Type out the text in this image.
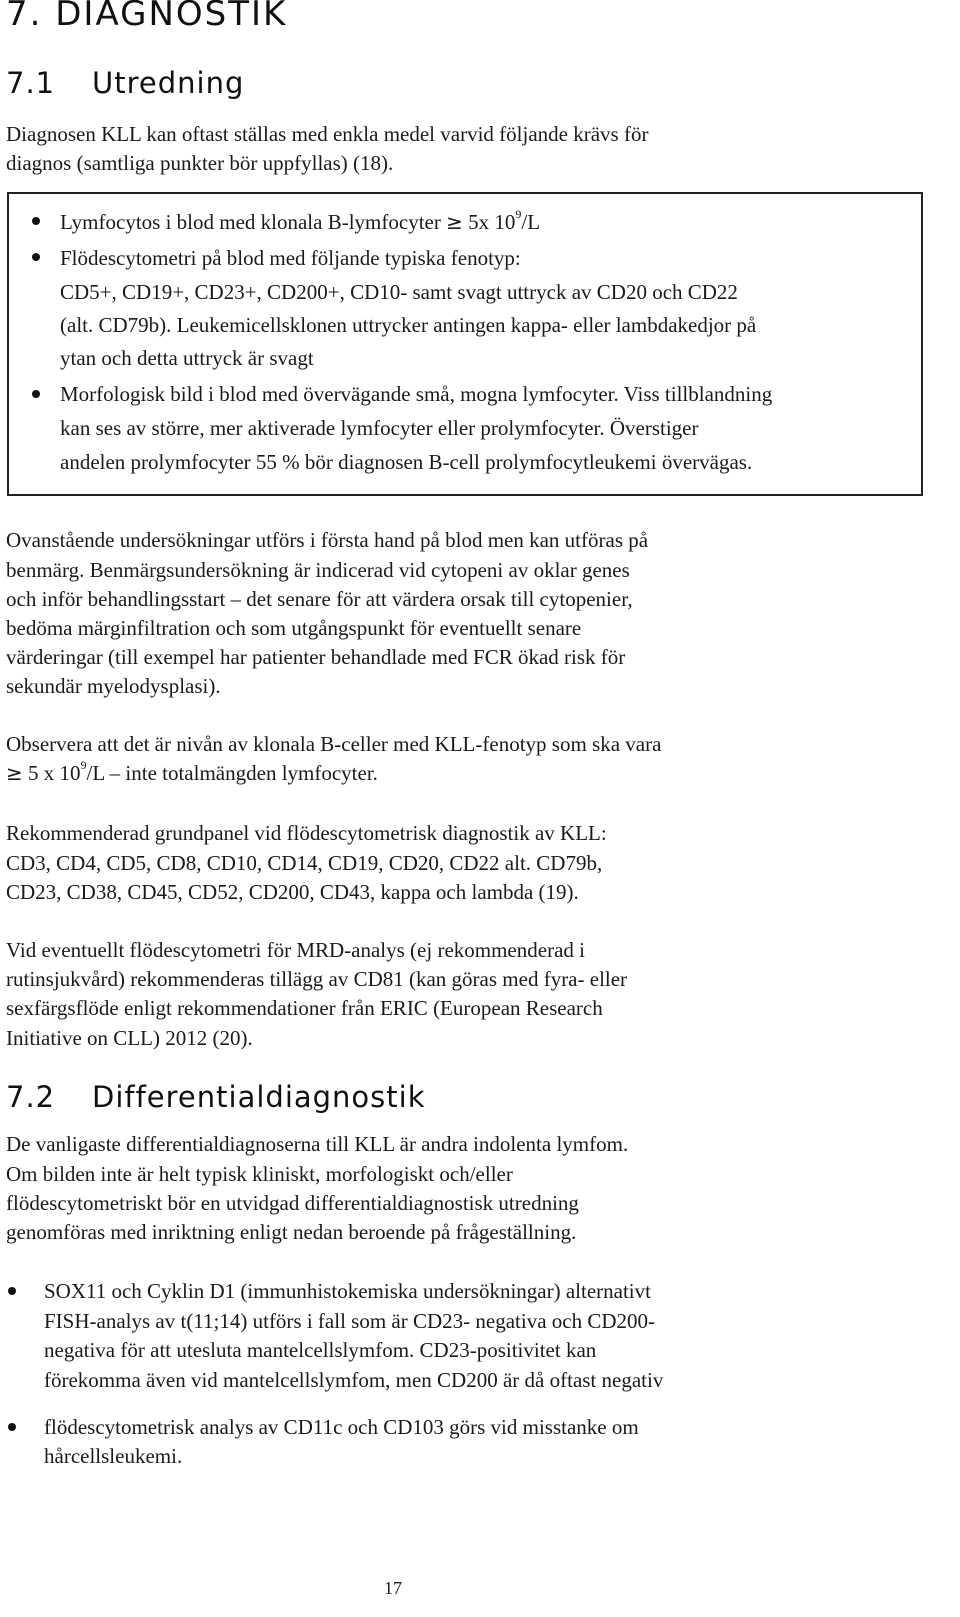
7. DIAGNOSTIK
7.1 Utredning
Diagnosen KLL kan oftast ställas med enkla medel varvid följande krävs för
diagnos (samtliga punkter bör uppfyllas) (18).
Lymfocytos i blod med klonala B-lymfocyter ≥ 5x $10^9/L$
Flödescytometri på blod med följande typiska fenotyp:
CD5+, CD19+, CD23+, CD200+, CD10- samt svagt uttryck av CD20 och CD22
(alt. CD79b). Leukemicellsklonen uttrycker antingen kappa- eller lambdakedjor på
ytan och detta uttryck är svagt
Morfologisk bild i blod med övervägande små, mogna lymfocyter. Viss tillblandning
kan ses av större, mer aktiverade lymfocyter eller prolymfocyter. Överstiger
andelen prolymfocyter 55 % bör diagnosen B-cell prolymfocytleukemi övervägas.
Ovanstående undersökningar utförs i första hand på blod men kan utföras på
benmärg. Benmärgsundersökning är indicerad vid cytopeni av oklar genes
och inför behandlingsstart – det senare för att värdera orsak till cytopenier,
bedöma märginfiltration och som utgångspunkt för eventuellt senare
värderingar (till exempel har patienter behandlade med FCR ökad risk för
sekundär myelodysplasi).
Observera att det är nivån av klonala B-celler med KLL-fenotyp som ska vara
≥ 5 x $10^9/L$ – inte totalmängden lymfocyter.
Rekommenderad grundpanel vid flödescytometrisk diagnostik av KLL:
CD3, CD4, CD5, CD8, CD10, CD14, CD19, CD20, CD22 alt. CD79b,
CD23, CD38, CD45, CD52, CD200, CD43, kappa och lambda (19).
Vid eventuellt flödescytometri för MRD-analys (ej rekommenderad i
rutinsjukvård) rekommenderas tillägg av CD81 (kan göras med fyra- eller
sexfärgsflöde enligt rekommendationer från ERIC (European Research
Initiative on CLL) 2012 (20).
7.2 Differentialdiagnostik
De vanligaste differentialdiagnoserna till KLL är andra indolenta lymfom.
Om bilden inte är helt typisk kliniskt, morfologiskt och/eller
flödescytometriskt bör en utvidgad differentialdiagnostisk utredning
genomföras med inriktning enligt nedan beroende på frågeställning.
SOX11 och Cyklin D1 (immunhistokemiska undersökningar) alternativt
FISH-analys av t(11;14) utförs i fall som är CD23- negativa och CD200-
negativa för att utesluta mantelcellslymfom. CD23-positivitet kan
förekomma även vid mantelcellslymfom, men CD200 är då oftast negativ
flödescytometrisk analys av CD11c och CD103 görs vid misstanke om
hårcellsleukemi.
17
